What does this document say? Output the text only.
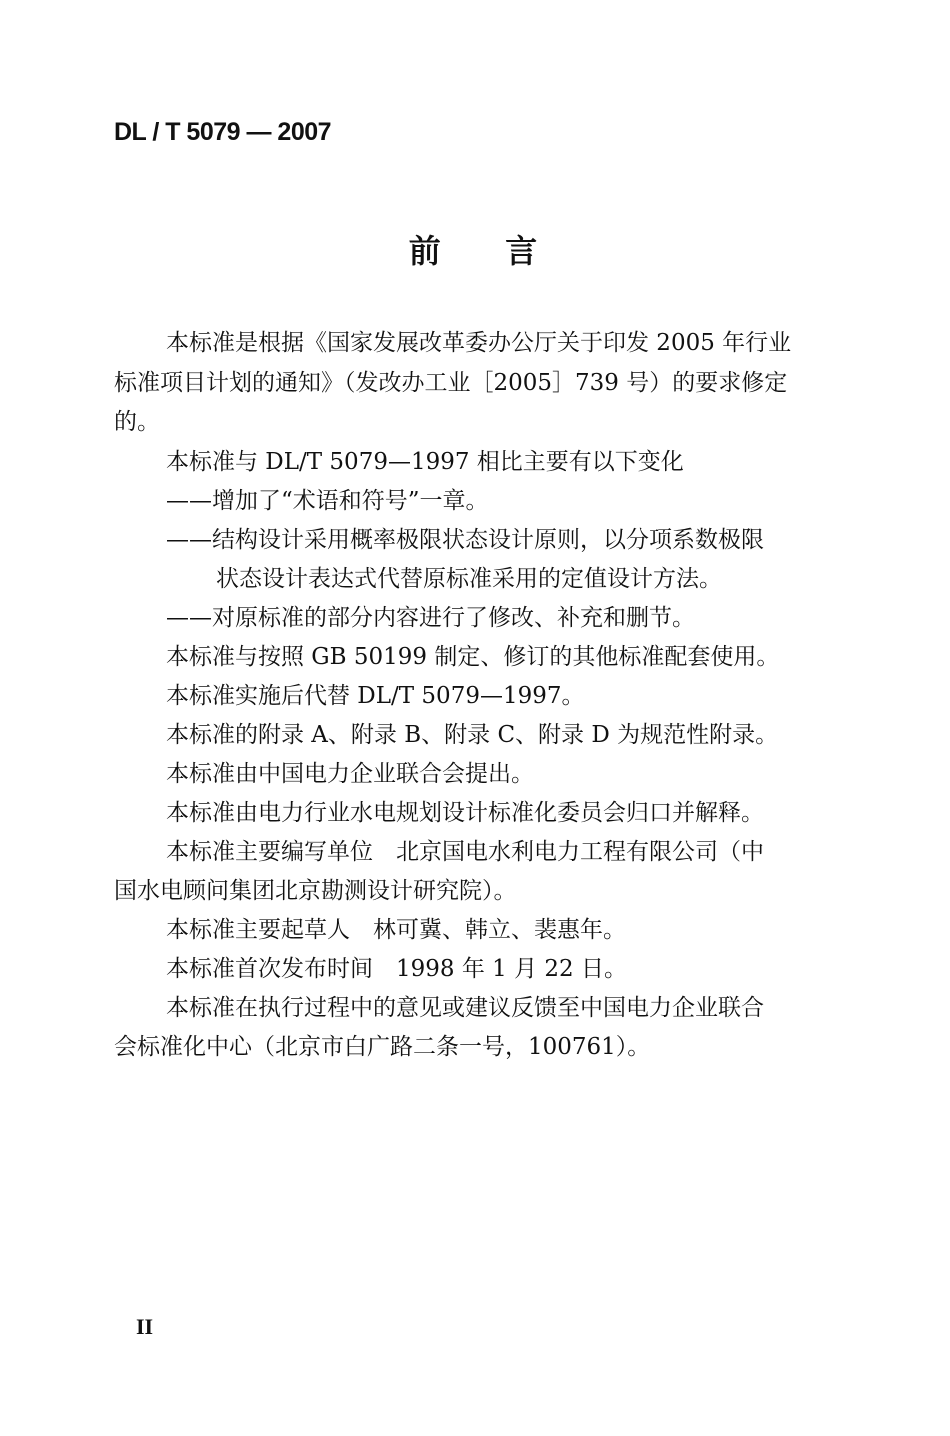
DL / T 5079 — 2007
前    言
本标准是根据《国家发展改革委办公厅关于印发 2005 年行业
标准项目计划的通知》（发改办工业［2005］739 号）的要求修定
的。
本标准与 DL/T 5079—1997 相比主要有以下变化
——增加了“术语和符号”一章。
——结构设计采用概率极限状态设计原则，以分项系数极限
状态设计表达式代替原标准采用的定值设计方法。
——对原标准的部分内容进行了修改、补充和删节。
本标准与按照 GB 50199 制定、修订的其他标准配套使用。
本标准实施后代替 DL/T 5079—1997。
本标准的附录 A、附录 B、附录 C、附录 D 为规范性附录。
本标准由中国电力企业联合会提出。
本标准由电力行业水电规划设计标准化委员会归口并解释。
本标准主要编写单位　北京国电水利电力工程有限公司（中
国水电顾问集团北京勘测设计研究院）。
本标准主要起草人　林可冀、韩立、裴惠年。
本标准首次发布时间　1998 年 1 月 22 日。
本标准在执行过程中的意见或建议反馈至中国电力企业联合
会标准化中心（北京市白广路二条一号，100761）。
II
